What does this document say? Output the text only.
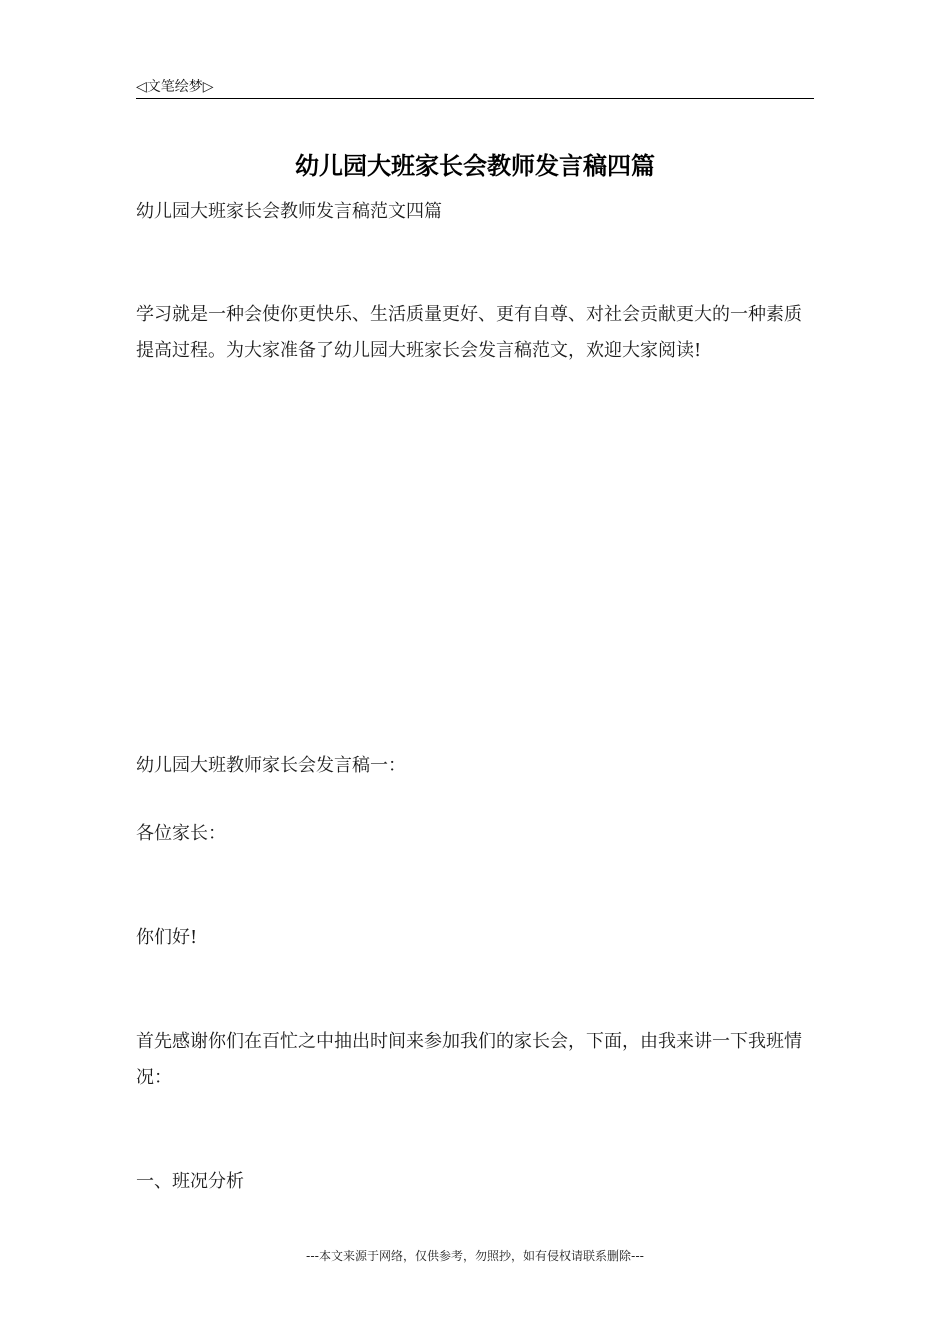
◁文笔绘梦▷
幼儿园大班家长会教师发言稿四篇

幼儿园大班家长会教师发言稿范文四篇

学习就是一种会使你更快乐、生活质量更好、更有自尊、对社会贡献更大的一种素质提高过程。为大家准备了幼儿园大班家长会发言稿范文，欢迎大家阅读!

幼儿园大班教师家长会发言稿一：

各位家长：

你们好!

首先感谢你们在百忙之中抽出时间来参加我们的家长会，下面，由我来讲一下我班情况：

一、班况分析

---本文来源于网络，仅供参考，勿照抄，如有侵权请联系删除---
